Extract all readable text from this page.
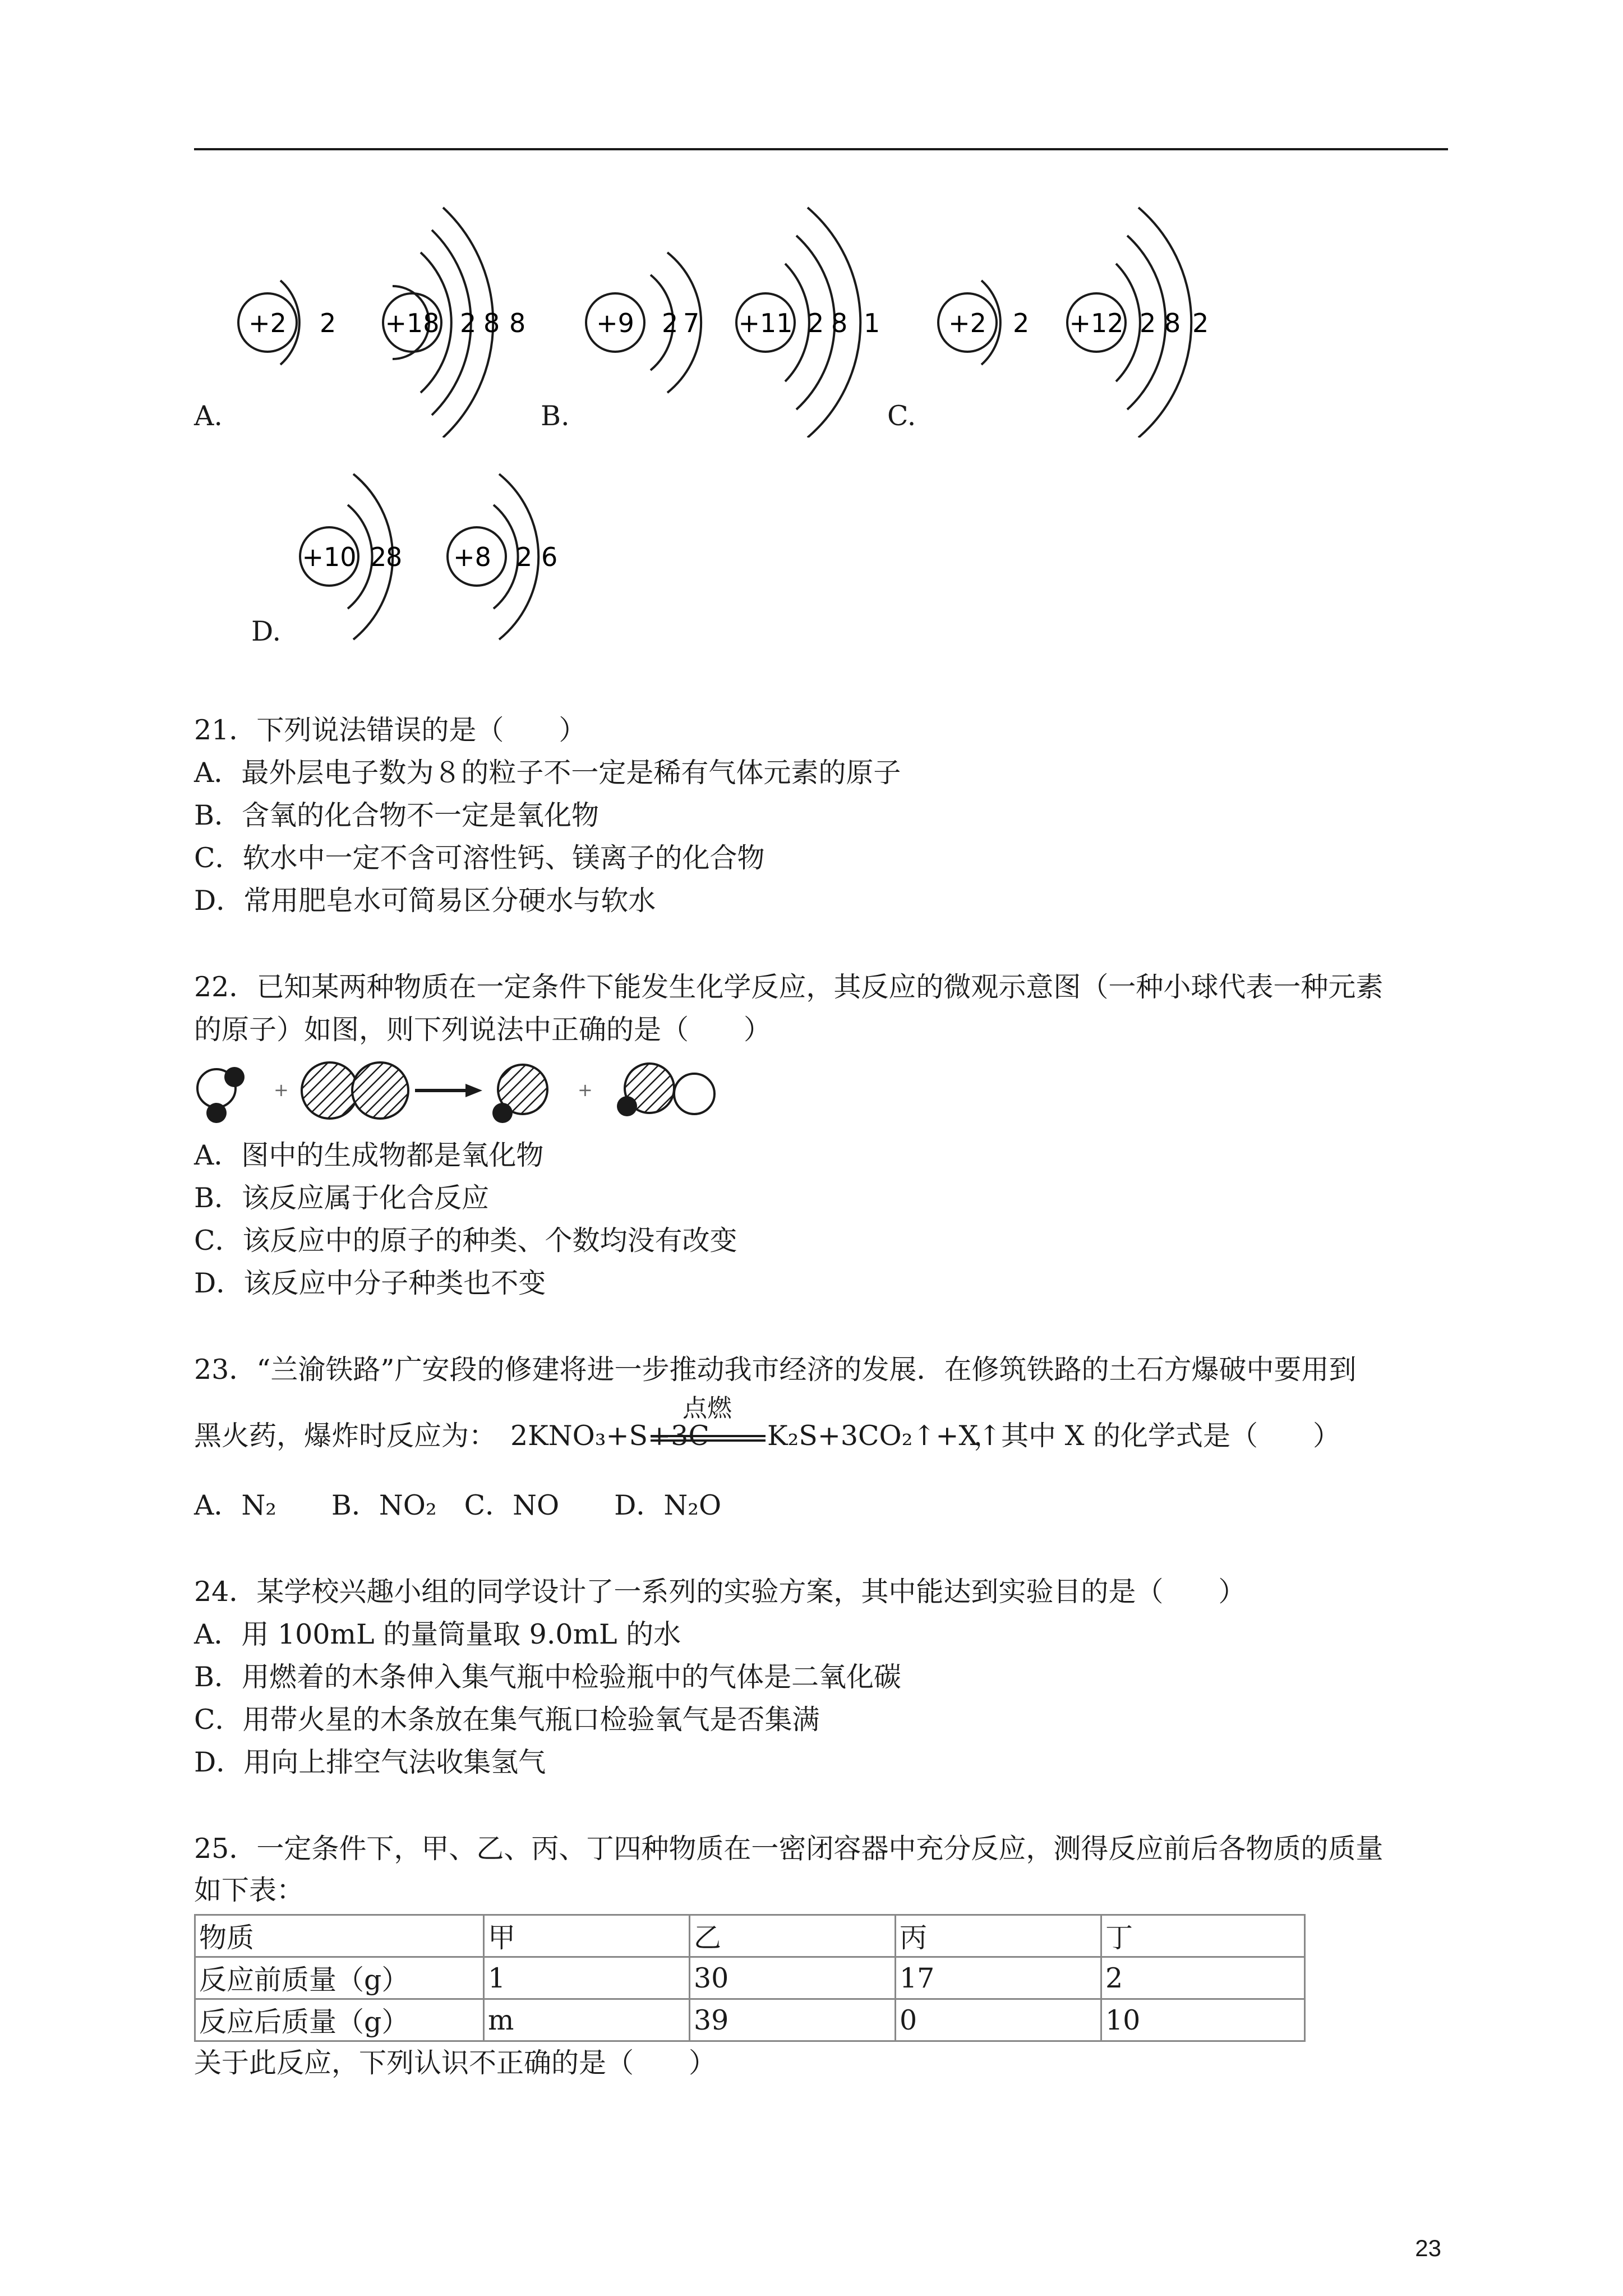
+2 2 +18 2 8 8
A.
+9 2 7 +11 2 8 1
B.
+2 2 +12 2 8 2
C.
+10 2
8 +8 2 6
D.
21．下列说法错误的是（　　）
A．最外层电子数为８的粒子不一定是稀有气体元素的原子
B．含氧的化合物不一定是氧化物
C．软水中一定不含可溶性钙、镁离子的化合物
D．常用肥皂水可简易区分硬水与软水
22．已知某两种物质在一定条件下能发生化学反应，其反应的微观示意图（一种小球代表一种元素
的原子）如图，则下列说法中正确的是（　　）
+	+
A．图中的生成物都是氧化物
B．该反应属于化合反应
C．该反应中的原子的种类、个数均没有改变
D．该反应中分子种类也不变
23．“兰渝铁路”广安段的修建将进一步推动我市经济的发展．在修筑铁路的土石方爆破中要用到
黑火药，爆炸时反应为： 2KNO₃+S+3C
点燃
K₂S+3CO₂↑+X↑
，其中 X 的化学式是（　　）
A．N₂　　B．NO₂　C．NO　　D．N₂O
24．某学校兴趣小组的同学设计了一系列的实验方案，其中能达到实验目的是（　　）
A．用 100mL 的量筒量取 9.0mL 的水
B．用燃着的木条伸入集气瓶中检验瓶中的气体是二氧化碳
C．用带火星的木条放在集气瓶口检验氧气是否集满
D．用向上排空气法收集氢气
25．一定条件下，甲、乙、丙、丁四种物质在一密闭容器中充分反应，测得反应前后各物质的质量
如下表：
物质	甲	乙	丙	丁
反应前质量（g）	1	30	17	2
反应后质量（g）	m	39	0	10
关于此反应，下列认识不正确的是（　　）
23
